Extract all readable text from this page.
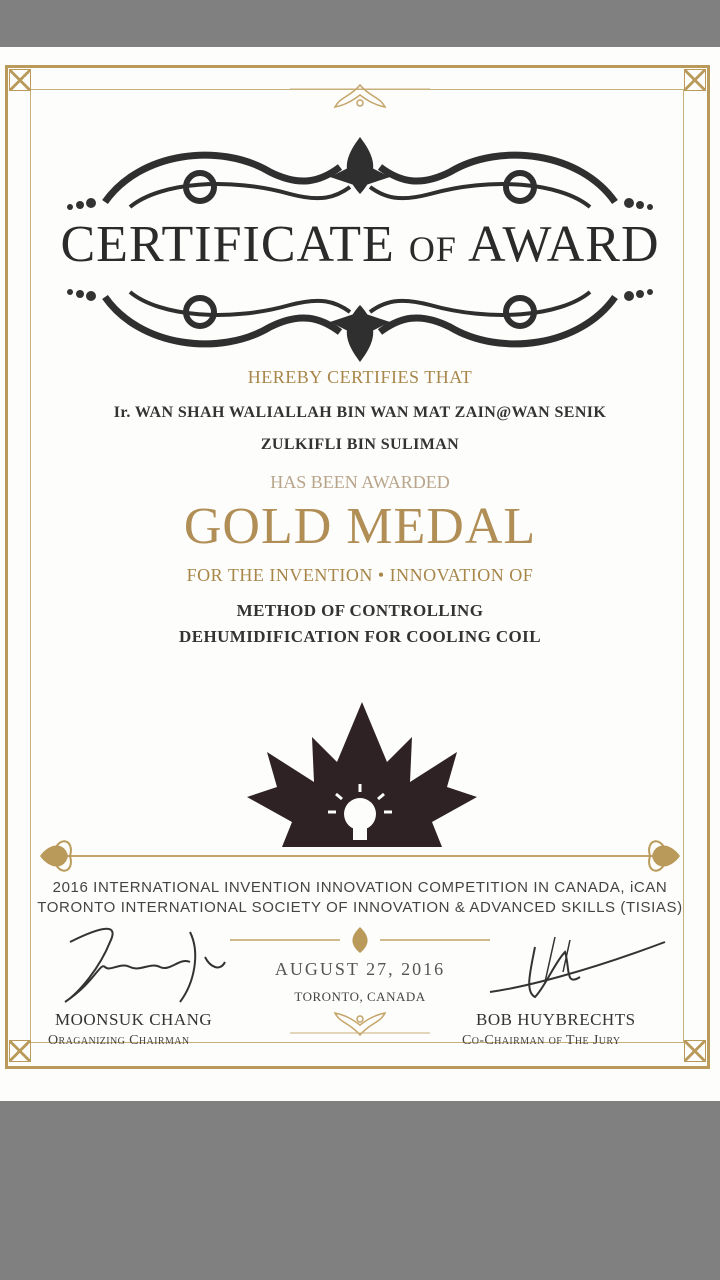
CERTIFICATE OF AWARD
HEREBY CERTIFIES THAT
Ir. WAN SHAH WALIALLAH BIN WAN MAT ZAIN@WAN SENIK
ZULKIFLI BIN SULIMAN
HAS BEEN AWARDED
GOLD MEDAL
FOR THE INVENTION • INNOVATION OF
METHOD OF CONTROLLING
DEHUMIDIFICATION FOR COOLING COIL
2016 INTERNATIONAL INVENTION INNOVATION COMPETITION IN CANADA, iCAN
TORONTO INTERNATIONAL SOCIETY OF INNOVATION & ADVANCED SKILLS (TISIAS)
AUGUST 27, 2016
TORONTO, CANADA
MOONSUK CHANG
Oraganizing Chairman
BOB HUYBRECHTS
Co-Chairman of The Jury
